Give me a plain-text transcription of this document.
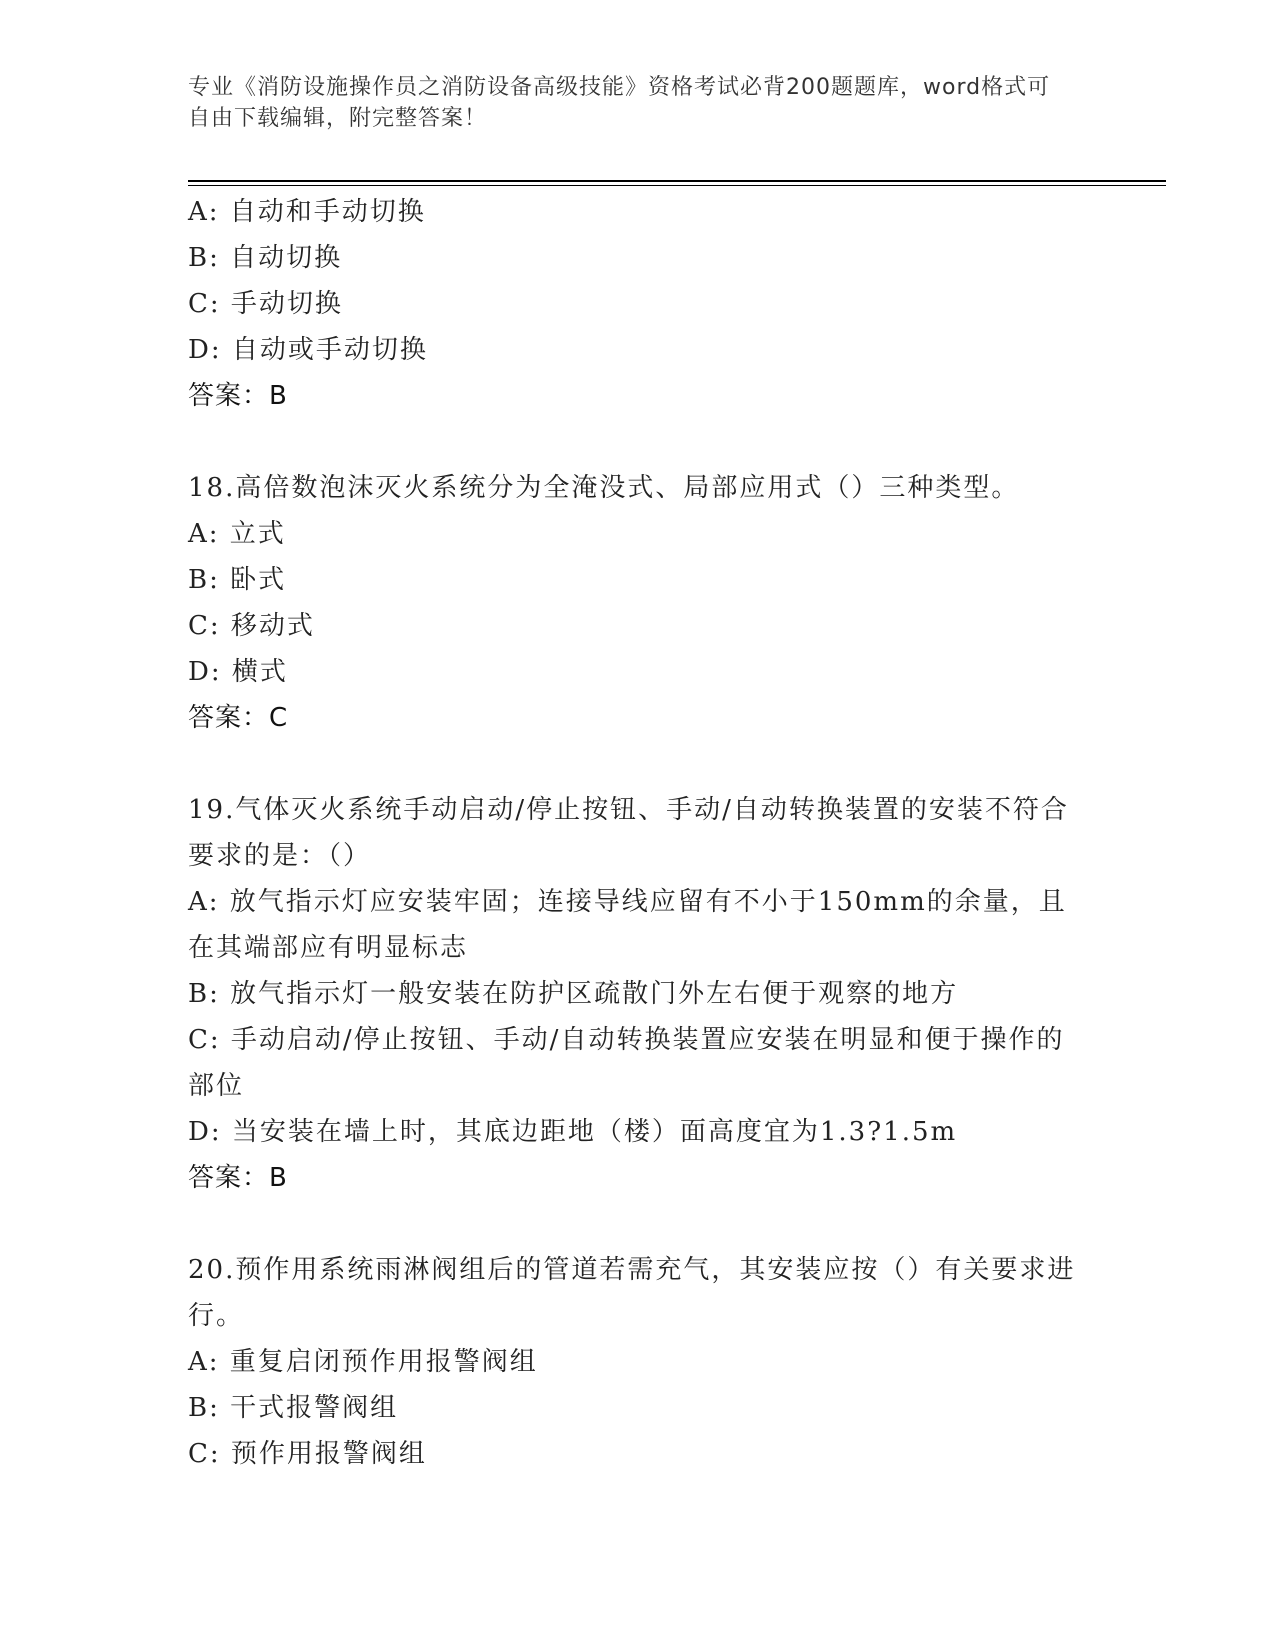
专业《消防设施操作员之消防设备高级技能》资格考试必背200题题库，word格式可自由下载编辑，附完整答案！

A: 自动和手动切换

B: 自动切换

C: 手动切换

D: 自动或手动切换

答案：B

18.高倍数泡沫灭火系统分为全淹没式、局部应用式（）三种类型。

A: 立式

B: 卧式

C: 移动式

D: 横式

答案：C

19.气体灭火系统手动启动/停止按钮、手动/自动转换装置的安装不符合要求的是：（）

A: 放气指示灯应安装牢固；连接导线应留有不小于150mm的余量，且在其端部应有明显标志

B: 放气指示灯一般安装在防护区疏散门外左右便于观察的地方

C: 手动启动/停止按钮、手动/自动转换装置应安装在明显和便于操作的部位

D: 当安装在墙上时，其底边距地（楼）面高度宜为1.3?1.5m

答案：B

20.预作用系统雨淋阀组后的管道若需充气，其安装应按（）有关要求进行。

A: 重复启闭预作用报警阀组

B: 干式报警阀组

C: 预作用报警阀组
